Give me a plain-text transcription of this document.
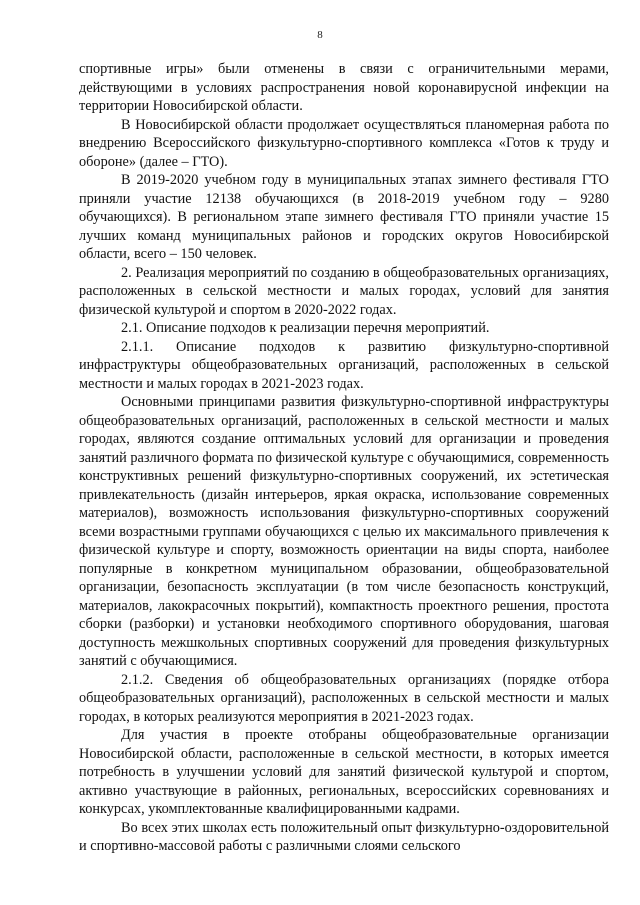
8

спортивные игры» были отменены в связи с ограничительными мерами, действующими в условиях распространения новой коронавирусной инфекции на территории Новосибирской области.

В Новосибирской области продолжает осуществляться планомерная работа по внедрению Всероссийского физкультурно-спортивного комплекса «Готов к труду и обороне» (далее – ГТО).

В 2019-2020 учебном году в муниципальных этапах зимнего фестиваля ГТО приняли участие 12138 обучающихся (в 2018-2019 учебном году – 9280 обучающихся). В региональном этапе зимнего фестиваля ГТО приняли участие 15 лучших команд муниципальных районов и городских округов Новосибирской области, всего – 150 человек.

2. Реализация мероприятий по созданию в общеобразовательных организациях, расположенных в сельской местности и малых городах, условий для занятия физической культурой и спортом в 2020-2022 годах.

2.1. Описание подходов к реализации перечня мероприятий.

2.1.1. Описание подходов к развитию физкультурно-спортивной инфраструктуры общеобразовательных организаций, расположенных в сельской местности и малых городах в 2021-2023 годах.

Основными принципами развития физкультурно-спортивной инфраструктуры общеобразовательных организаций, расположенных в сельской местности и малых городах, являются создание оптимальных условий для организации и проведения занятий различного формата по физической культуре с обучающимися, современность конструктивных решений физкультурно-спортивных сооружений, их эстетическая привлекательность (дизайн интерьеров, яркая окраска, использование современных материалов), возможность использования физкультурно-спортивных сооружений всеми возрастными группами обучающихся с целью их максимального привлечения к физической культуре и спорту, возможность ориентации на виды спорта, наиболее популярные в конкретном муниципальном образовании, общеобразовательной организации, безопасность эксплуатации (в том числе безопасность конструкций, материалов, лакокрасочных покрытий), компактность проектного решения, простота сборки (разборки) и установки необходимого спортивного оборудования, шаговая доступность межшкольных спортивных сооружений для проведения физкультурных занятий с обучающимися.

2.1.2. Сведения об общеобразовательных организациях (порядке отбора общеобразовательных организаций), расположенных в сельской местности и малых городах, в которых реализуются мероприятия в 2021-2023 годах.

Для участия в проекте отобраны общеобразовательные организации Новосибирской области, расположенные в сельской местности, в которых имеется потребность в улучшении условий для занятий физической культурой и спортом, активно участвующие в районных, региональных, всероссийских соревнованиях и конкурсах, укомплектованные квалифицированными кадрами.

Во всех этих школах есть положительный опыт физкультурно-оздоровительной и спортивно-массовой работы с различными слоями сельского
